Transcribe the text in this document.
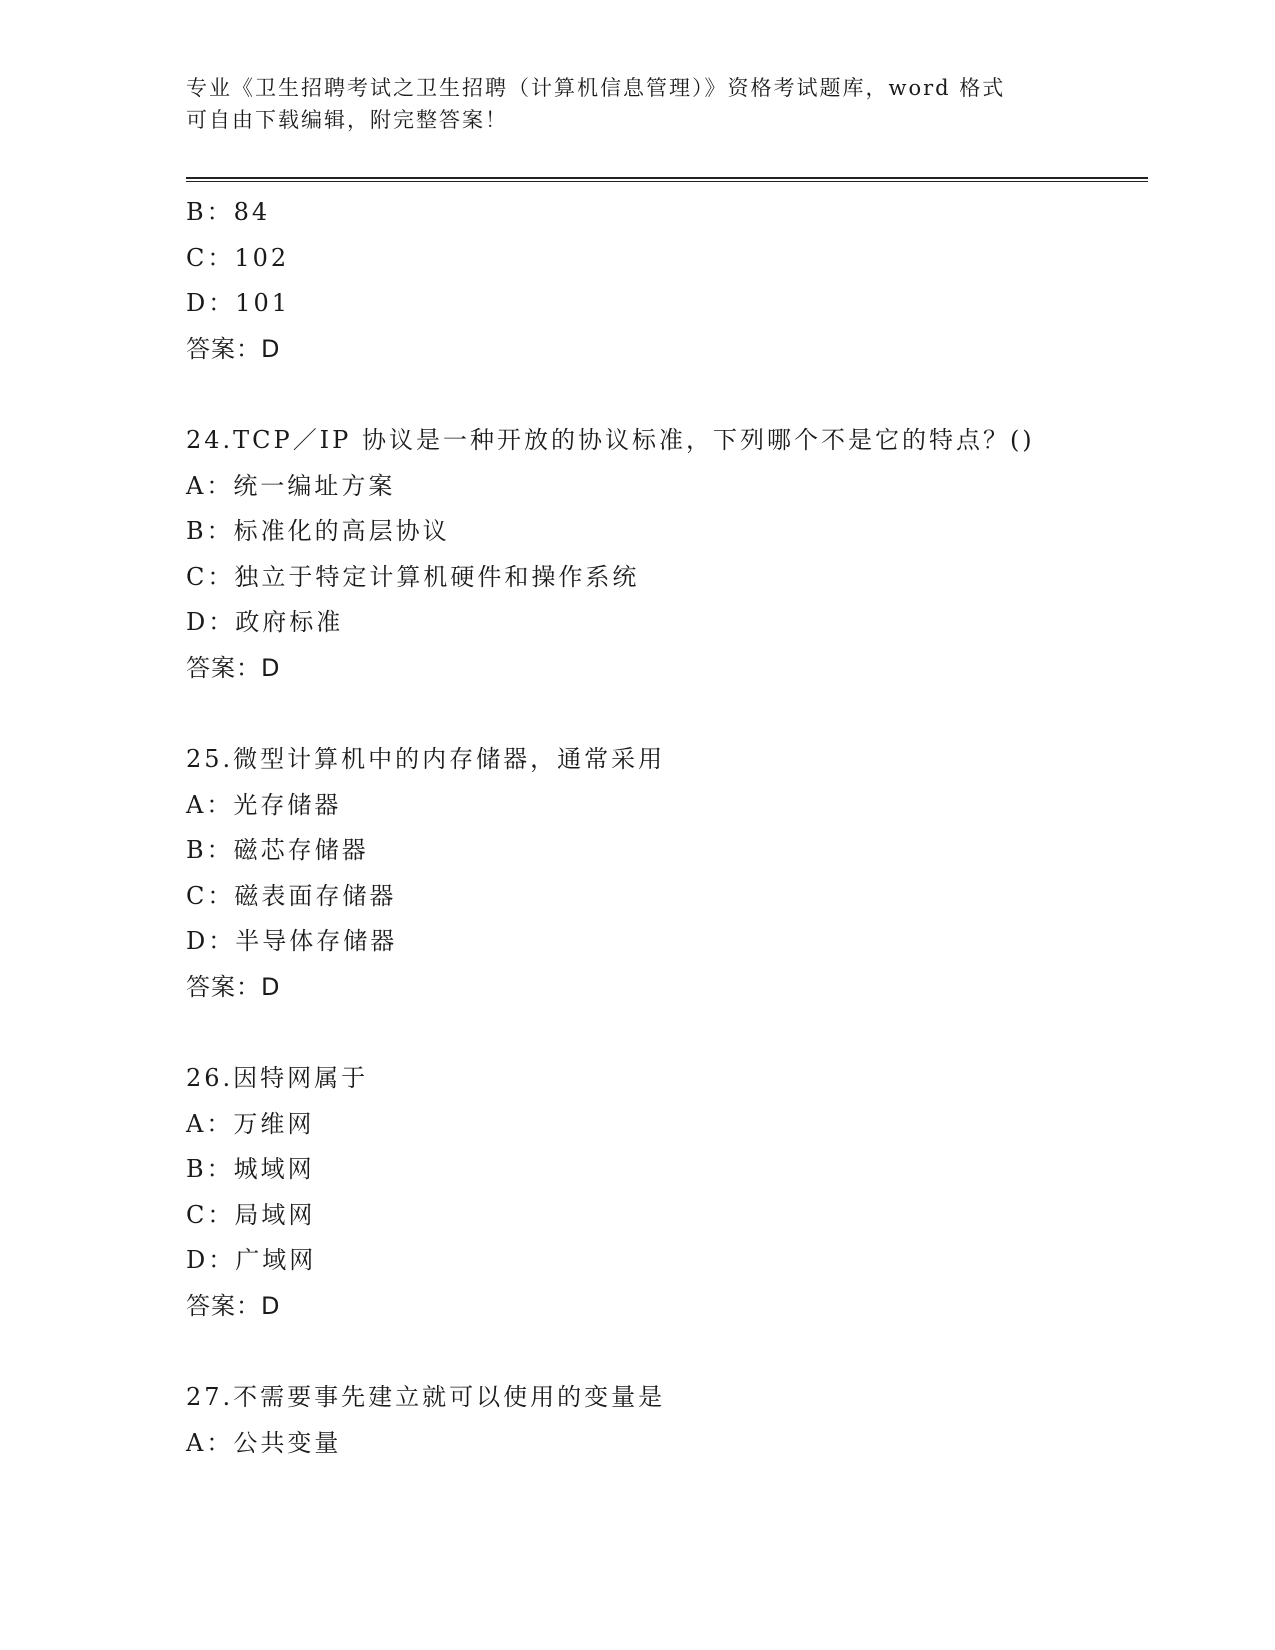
专业《卫生招聘考试之卫生招聘（计算机信息管理）》资格考试题库，word 格式
可自由下载编辑，附完整答案！
B：84
C：102
D：101
答案：D
24.TCP／IP 协议是一种开放的协议标准，下列哪个不是它的特点？()
A：统一编址方案
B：标准化的高层协议
C：独立于特定计算机硬件和操作系统
D：政府标准
答案：D
25.微型计算机中的内存储器，通常采用
A：光存储器
B：磁芯存储器
C：磁表面存储器
D：半导体存储器
答案：D
26.因特网属于
A：万维网
B：城域网
C：局域网
D：广域网
答案：D
27.不需要事先建立就可以使用的变量是
A：公共变量
